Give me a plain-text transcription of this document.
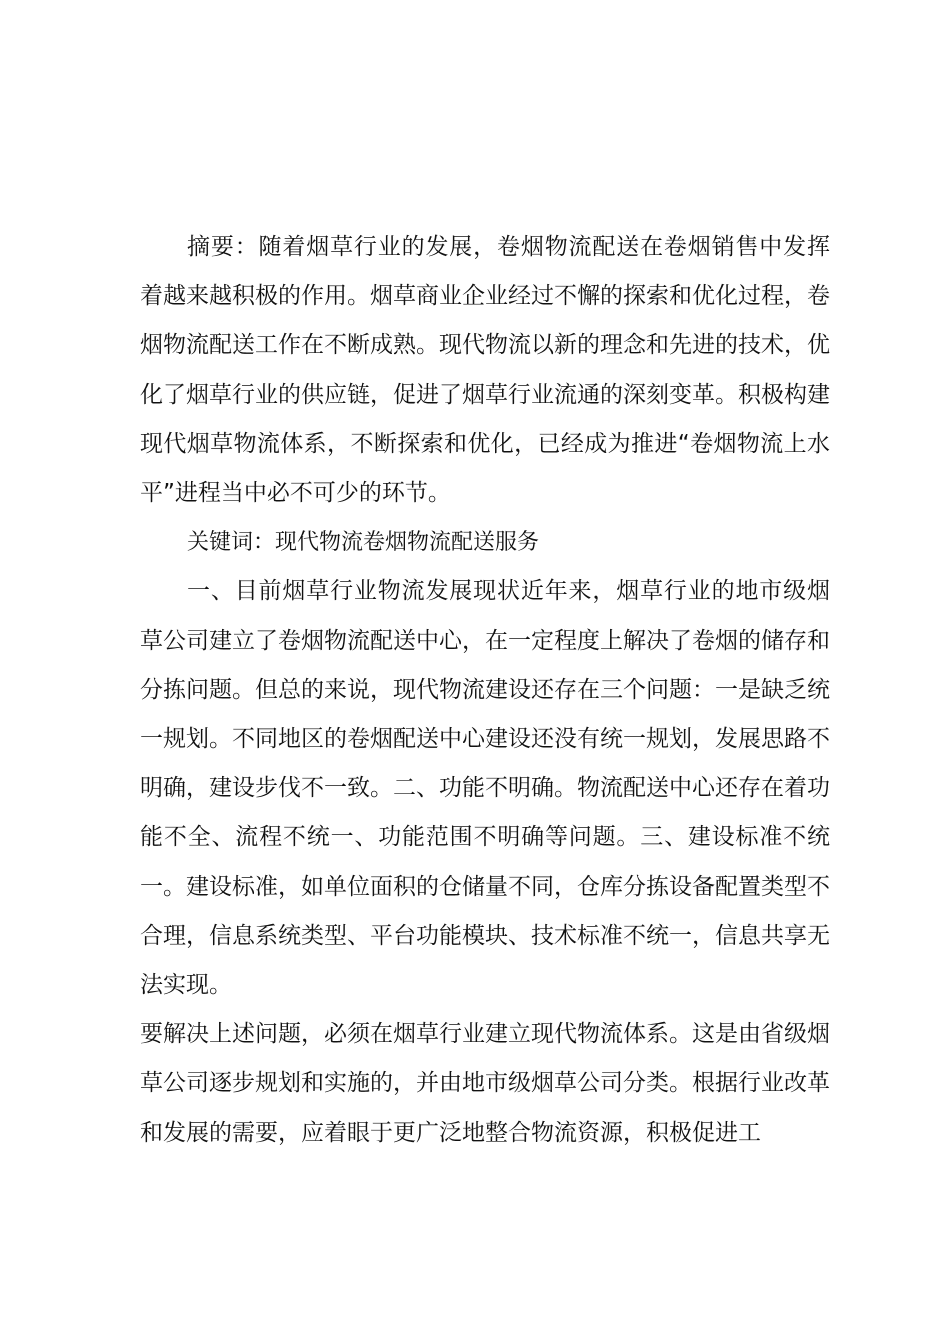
摘要：随着烟草行业的发展，卷烟物流配送在卷烟销售中发挥着越来越积极的作用。烟草商业企业经过不懈的探索和优化过程，卷烟物流配送工作在不断成熟。现代物流以新的理念和先进的技术，优化了烟草行业的供应链，促进了烟草行业流通的深刻变革。积极构建现代烟草物流体系，不断探索和优化，已经成为推进“卷烟物流上水平”进程当中必不可少的环节。

关键词：现代物流卷烟物流配送服务

一、目前烟草行业物流发展现状近年来，烟草行业的地市级烟草公司建立了卷烟物流配送中心，在一定程度上解决了卷烟的储存和分拣问题。但总的来说，现代物流建设还存在三个问题：一是缺乏统一规划。不同地区的卷烟配送中心建设还没有统一规划，发展思路不明确，建设步伐不一致。二、功能不明确。物流配送中心还存在着功能不全、流程不统一、功能范围不明确等问题。三、建设标准不统一。建设标准，如单位面积的仓储量不同，仓库分拣设备配置类型不合理，信息系统类型、平台功能模块、技术标准不统一，信息共享无法实现。

要解决上述问题，必须在烟草行业建立现代物流体系。这是由省级烟草公司逐步规划和实施的，并由地市级烟草公司分类。根据行业改革和发展的需要，应着眼于更广泛地整合物流资源，积极促进工
